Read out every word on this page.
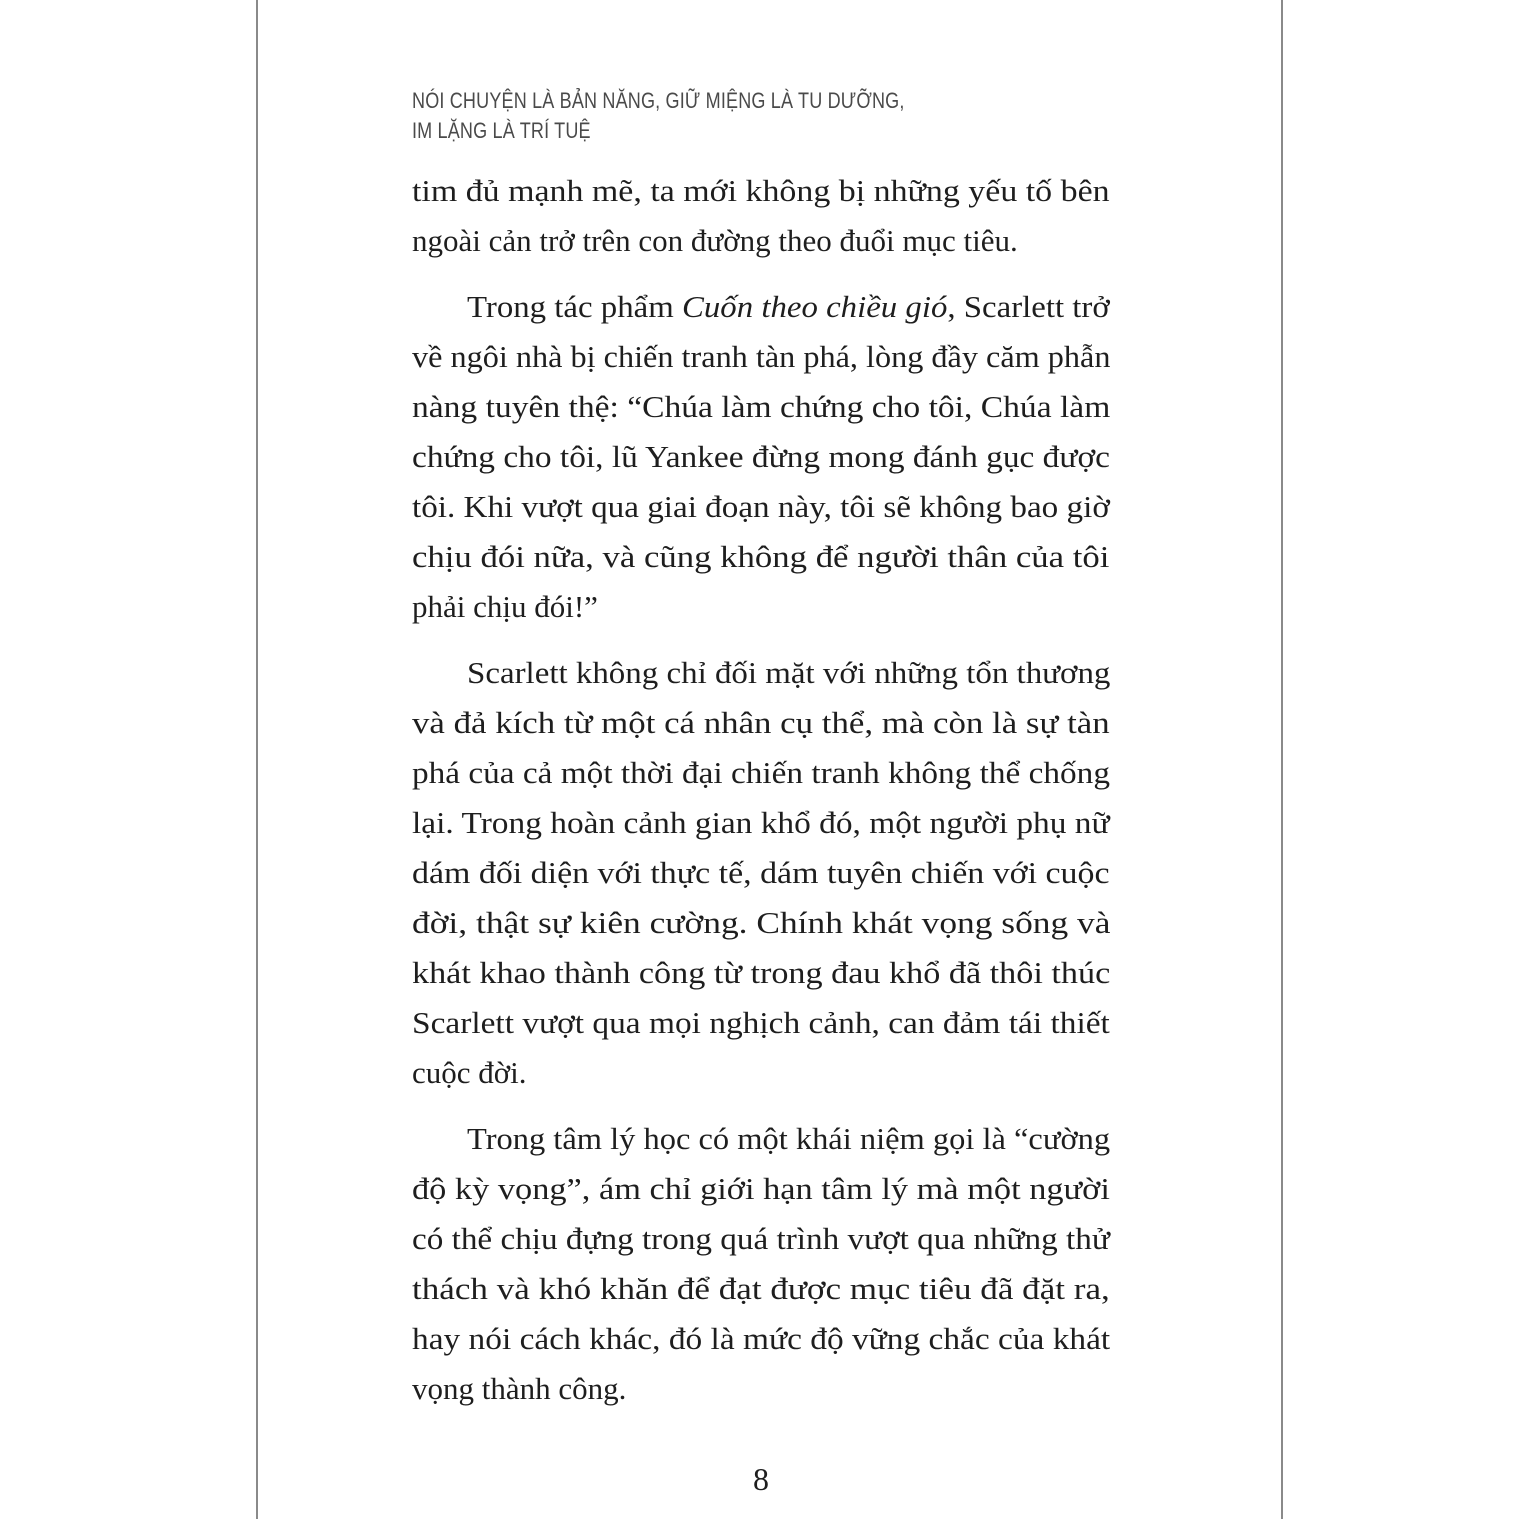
NÓI CHUYỆN LÀ BẢN NĂNG, GIỮ MIỆNG LÀ TU DƯỠNG,
IM LẶNG LÀ TRÍ TUỆ
tim đủ mạnh mẽ, ta mới không bị những yếu tố bên
ngoài cản trở trên con đường theo đuổi mục tiêu.
Trong tác phẩm Cuốn theo chiều gió, Scarlett trở
về ngôi nhà bị chiến tranh tàn phá, lòng đầy căm phẫn
nàng tuyên thệ: “Chúa làm chứng cho tôi, Chúa làm
chứng cho tôi, lũ Yankee đừng mong đánh gục được
tôi. Khi vượt qua giai đoạn này, tôi sẽ không bao giờ
chịu đói nữa, và cũng không để người thân của tôi
phải chịu đói!”
Scarlett không chỉ đối mặt với những tổn thương
và đả kích từ một cá nhân cụ thể, mà còn là sự tàn
phá của cả một thời đại chiến tranh không thể chống
lại. Trong hoàn cảnh gian khổ đó, một người phụ nữ
dám đối diện với thực tế, dám tuyên chiến với cuộc
đời, thật sự kiên cường. Chính khát vọng sống và
khát khao thành công từ trong đau khổ đã thôi thúc
Scarlett vượt qua mọi nghịch cảnh, can đảm tái thiết
cuộc đời.
Trong tâm lý học có một khái niệm gọi là “cường
độ kỳ vọng”, ám chỉ giới hạn tâm lý mà một người
có thể chịu đựng trong quá trình vượt qua những thử
thách và khó khăn để đạt được mục tiêu đã đặt ra,
hay nói cách khác, đó là mức độ vững chắc của khát
vọng thành công.
8
